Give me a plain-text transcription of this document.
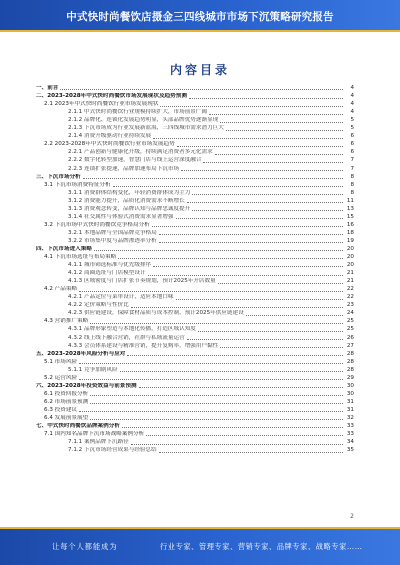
中式快时尚餐饮店摄金三四线城市市场下沉策略研究报告
内容目录
一、前言	4
二、2023-2028年中式快时尚餐饮市场发展现状及趋势预测	4
2.1 2023年中式快时尚餐饮行业市场发展现状	4
2.1.1 中式快时尚餐饮行业规模持续扩大，市场前景广阔	4
2.1.2 品牌化、连锁化发展趋势明显，头部品牌优势逐渐显现	5
2.1.3 下沉市场成为行业发展新蓝海，三四线城市需求潜力巨大	5
2.1.4 消费升级驱动行业持续发展	6
2.2 2023-2028年中式快时尚餐饮行业市场发展趋势	6
2.2.1 产品创新与健康化升级，持续满足消费者多元化需求	6
2.2.2 数字化转型加速，智慧门店与线上运营深度融合	7
2.2.3 连锁扩张提速，品牌加速布局下沉市场	7
三、下沉市场分析	8
3.1 下沉市场消费特征分析	8
3.1.1 消费群体结构变化，年轻消费群体成为主力	8
3.1.2 消费能力提升，品质化消费需求不断增长	11
3.1.3 消费观念转变，品牌认知与品牌忠诚度提升	13
3.1.4 社交属性与体验式消费需求显著增强	15
3.2 下沉市场中式快时尚餐饮竞争格局分析	16
3.2.1 本地品牌与全国品牌竞争格局	18
3.2.2 市场集中度与品牌渗透率分析	19
四、下沉市场进入策略	20
4.1 下沉市场选址与布局策略	20
4.1.1 城市筛选标准与优先级排序	20
4.1.2 商圈选址与门店模型设计	21
4.1.3 区域密度与门店扩张节奏规划，预计2025年开店数量	21
4.2 产品策略	22
4.2.1 产品定位与菜单设计，适应本地口味	22
4.2.2 定价策略与性价比	23
4.2.3 供应链建设，保障食材品质与成本控制，预计2025年供应链建设	24
4.3 营销推广策略	25
4.3.1 品牌形象塑造与本地化传播，打造区域认知度	25
4.3.2 线上线下融合营销，社群与私域流量运营	26
4.3.3 会员体系建设与精准营销，提升复购率，增强用户黏性	27
五、2023-2028年风险分析与应对	28
5.1 市场风险	28
5.1.1 竞争加剧风险	28
5.2 运营风险	29
六、2023-2028年投资效益与前景预测	30
6.1 投资回报分析	30
6.2 市场前景预测	31
6.3 投资建议	31
6.4 发展前景展望	32
七、中式快时尚餐饮品牌案例分析	33
7.1 国内知名品牌下沉市场战略案例分析	33
7.1.1 案例品牌下沉路径	34
7.1.2 下沉市场经营成果与经验总结	35
2
让每个人都能成为	行业专家、管理专家、营销专家、品牌专家、战略专家……
